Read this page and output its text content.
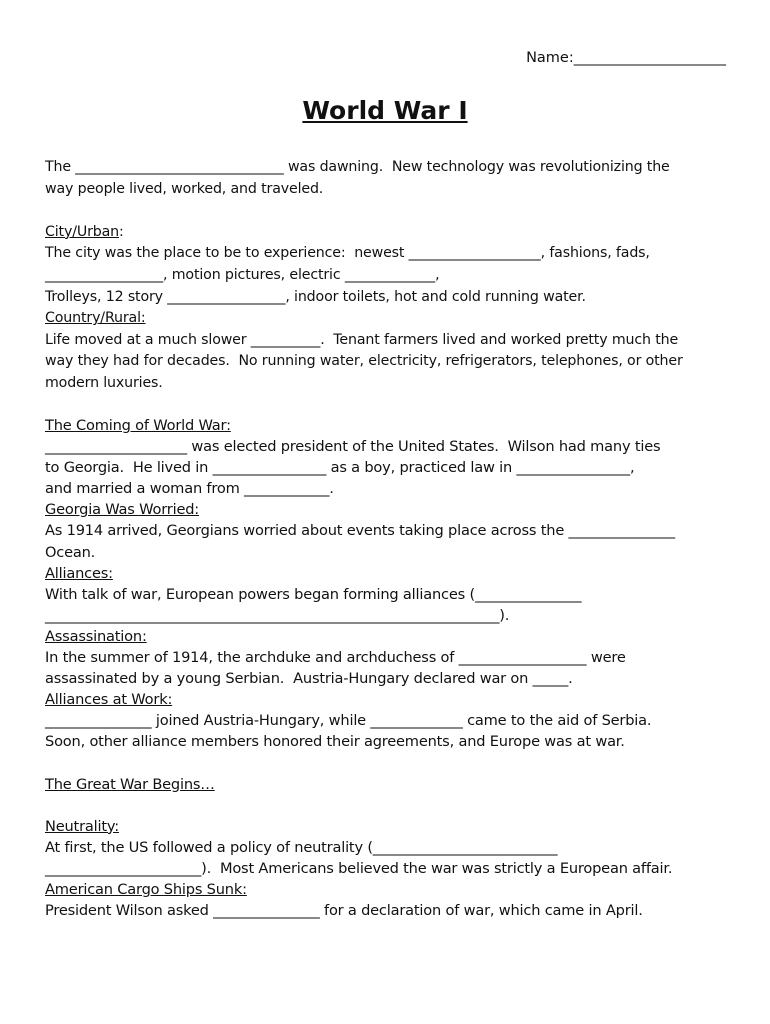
Name:_____________________
World War I
The ______________________________ was dawning.  New technology was revolutionizing the
way people lived, worked, and traveled.
City/Urban:
The city was the place to be to experience:  newest ___________________, fashions, fads,
_________________, motion pictures, electric _____________,
Trolleys, 12 story _________________, indoor toilets, hot and cold running water.
Country/Rural:
Life moved at a much slower __________.  Tenant farmers lived and worked pretty much the
way they had for decades.  No running water, electricity, refrigerators, telephones, or other
modern luxuries.
The Coming of World War:
____________________ was elected president of the United States.  Wilson had many ties
to Georgia.  He lived in ________________ as a boy, practiced law in ________________,
and married a woman from ____________.
Georgia Was Worried:
As 1914 arrived, Georgians worried about events taking place across the _______________
Ocean.
Alliances:
With talk of war, European powers began forming alliances (_______________
________________________________________________________________).
Assassination:
In the summer of 1914, the archduke and archduchess of __________________ were
assassinated by a young Serbian.  Austria-Hungary declared war on _____.
Alliances at Work:
_______________ joined Austria-Hungary, while _____________ came to the aid of Serbia.
Soon, other alliance members honored their agreements, and Europe was at war.
The Great War Begins…
Neutrality:
At first, the US followed a policy of neutrality (__________________________
______________________).  Most Americans believed the war was strictly a European affair.
American Cargo Ships Sunk:
President Wilson asked _______________ for a declaration of war, which came in April.
